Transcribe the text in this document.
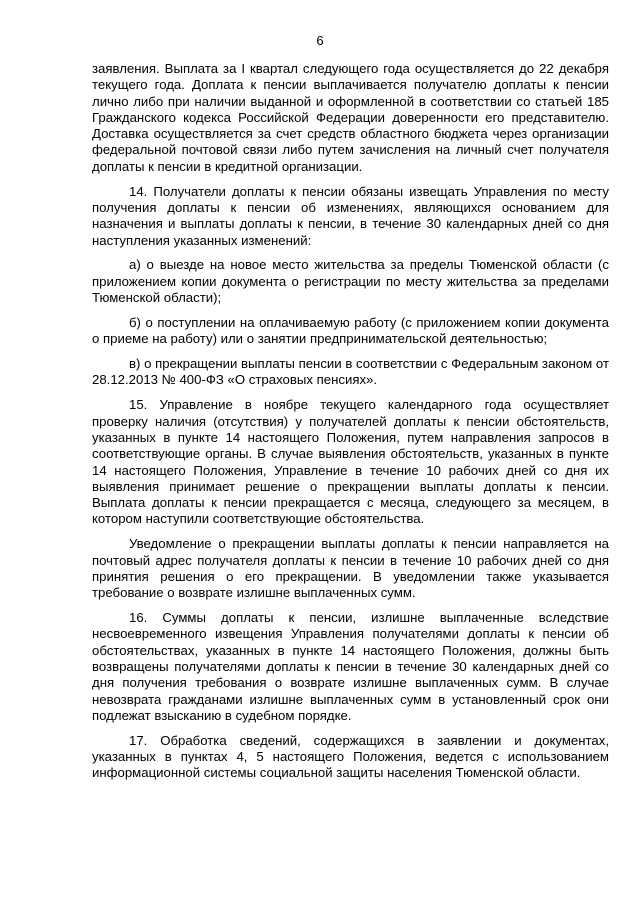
6

заявления. Выплата за I квартал следующего года осуществляется до 22 декабря текущего года. Доплата к пенсии выплачивается получателю доплаты к пенсии лично либо при наличии выданной и оформленной в соответствии со статьей 185 Гражданского кодекса Российской Федерации доверенности его представителю. Доставка осуществляется за счет средств областного бюджета через организации федеральной почтовой связи либо путем зачисления на личный счет получателя доплаты к пенсии в кредитной организации.

14. Получатели доплаты к пенсии обязаны извещать Управления по месту получения доплаты к пенсии об изменениях, являющихся основанием для назначения и выплаты доплаты к пенсии, в течение 30 календарных дней со дня наступления указанных изменений:

а) о выезде на новое место жительства за пределы Тюменской области (с приложением копии документа о регистрации по месту жительства за пределами Тюменской области);

б) о поступлении на оплачиваемую работу (с приложением копии документа о приеме на работу) или о занятии предпринимательской деятельностью;

в) о прекращении выплаты пенсии в соответствии с Федеральным законом от 28.12.2013 № 400-ФЗ «О страховых пенсиях».

15. Управление в ноябре текущего календарного года осуществляет проверку наличия (отсутствия) у получателей доплаты к пенсии обстоятельств, указанных в пункте 14 настоящего Положения, путем направления запросов в соответствующие органы. В случае выявления обстоятельств, указанных в пункте 14 настоящего Положения, Управление в течение 10 рабочих дней со дня их выявления принимает решение о прекращении выплаты доплаты к пенсии. Выплата доплаты к пенсии прекращается с месяца, следующего за месяцем, в котором наступили соответствующие обстоятельства.

Уведомление о прекращении выплаты доплаты к пенсии направляется на почтовый адрес получателя доплаты к пенсии в течение 10 рабочих дней со дня принятия решения о его прекращении. В уведомлении также указывается требование о возврате излишне выплаченных сумм.

16. Суммы доплаты к пенсии, излишне выплаченные вследствие несвоевременного извещения Управления получателями доплаты к пенсии об обстоятельствах, указанных в пункте 14 настоящего Положения, должны быть возвращены получателями доплаты к пенсии в течение 30 календарных дней со дня получения требования о возврате излишне выплаченных сумм. В случае невозврата гражданами излишне выплаченных сумм в установленный срок они подлежат взысканию в судебном порядке.

17. Обработка сведений, содержащихся в заявлении и документах, указанных в пунктах 4, 5 настоящего Положения, ведется с использованием информационной системы социальной защиты населения Тюменской области.
